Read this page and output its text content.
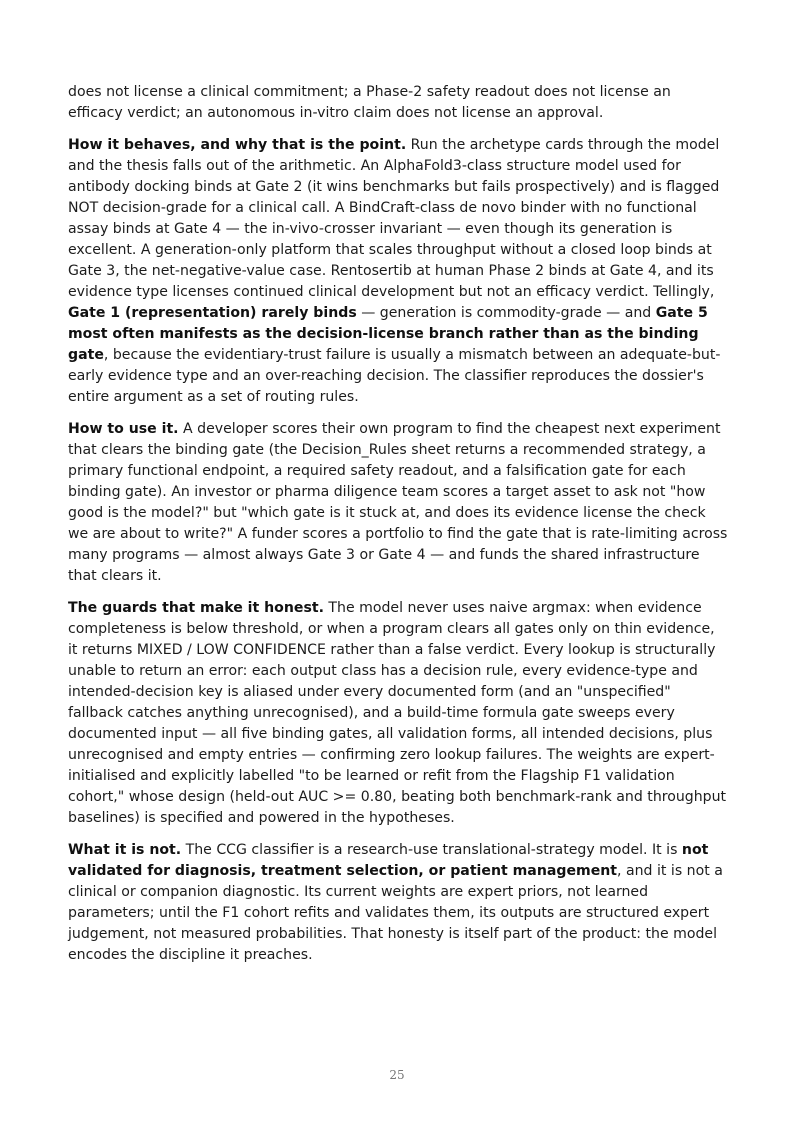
does not license a clinical commitment; a Phase-2 safety readout does not license an efficacy verdict; an autonomous in-vitro claim does not license an approval.

How it behaves, and why that is the point. Run the archetype cards through the model and the thesis falls out of the arithmetic. An AlphaFold3-class structure model used for antibody docking binds at Gate 2 (it wins benchmarks but fails prospectively) and is flagged NOT decision-grade for a clinical call. A BindCraft-class de novo binder with no functional assay binds at Gate 4 — the in-vivo-crosser invariant — even though its generation is excellent. A generation-only platform that scales throughput without a closed loop binds at Gate 3, the net-negative-value case. Rentosertib at human Phase 2 binds at Gate 4, and its evidence type licenses continued clinical development but not an efficacy verdict. Tellingly, Gate 1 (representation) rarely binds — generation is commodity-grade — and Gate 5 most often manifests as the decision-license branch rather than as the binding gate, because the evidentiary-trust failure is usually a mismatch between an adequate-but-early evidence type and an over-reaching decision. The classifier reproduces the dossier's entire argument as a set of routing rules.

How to use it. A developer scores their own program to find the cheapest next experiment that clears the binding gate (the Decision_Rules sheet returns a recommended strategy, a primary functional endpoint, a required safety readout, and a falsification gate for each binding gate). An investor or pharma diligence team scores a target asset to ask not "how good is the model?" but "which gate is it stuck at, and does its evidence license the check we are about to write?" A funder scores a portfolio to find the gate that is rate-limiting across many programs — almost always Gate 3 or Gate 4 — and funds the shared infrastructure that clears it.

The guards that make it honest. The model never uses naive argmax: when evidence completeness is below threshold, or when a program clears all gates only on thin evidence, it returns MIXED / LOW CONFIDENCE rather than a false verdict. Every lookup is structurally unable to return an error: each output class has a decision rule, every evidence-type and intended-decision key is aliased under every documented form (and an "unspecified" fallback catches anything unrecognised), and a build-time formula gate sweeps every documented input — all five binding gates, all validation forms, all intended decisions, plus unrecognised and empty entries — confirming zero lookup failures. The weights are expert-initialised and explicitly labelled "to be learned or refit from the Flagship F1 validation cohort," whose design (held-out AUC >= 0.80, beating both benchmark-rank and throughput baselines) is specified and powered in the hypotheses.

What it is not. The CCG classifier is a research-use translational-strategy model. It is not validated for diagnosis, treatment selection, or patient management, and it is not a clinical or companion diagnostic. Its current weights are expert priors, not learned parameters; until the F1 cohort refits and validates them, its outputs are structured expert judgement, not measured probabilities. That honesty is itself part of the product: the model encodes the discipline it preaches.

25
